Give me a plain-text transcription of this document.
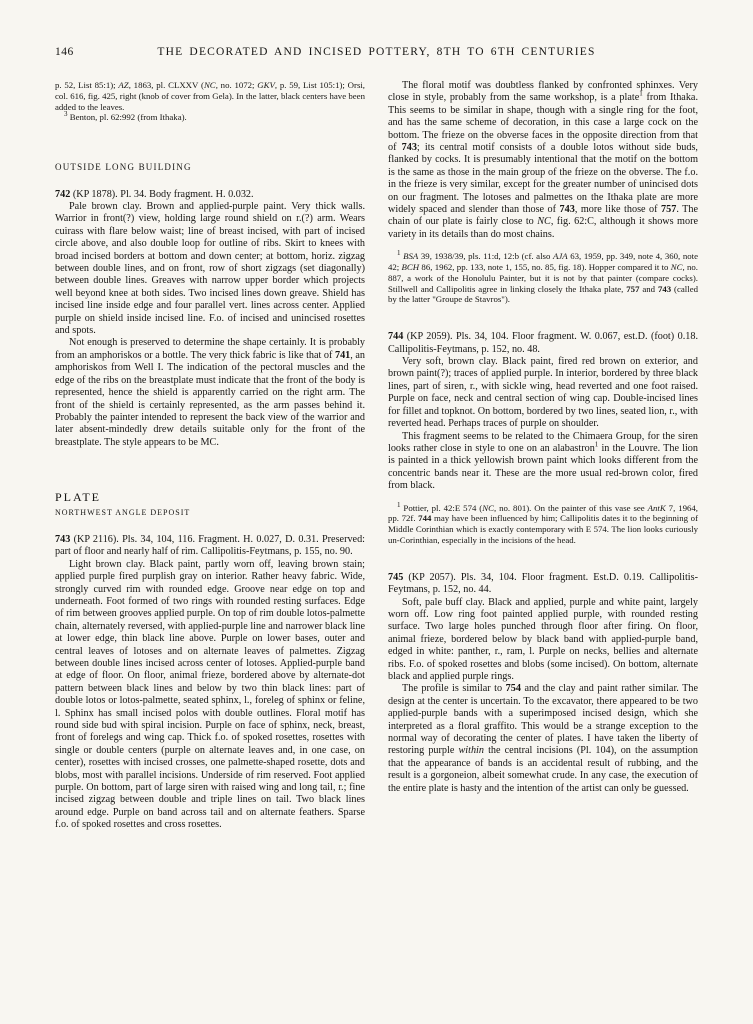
146	THE DECORATED AND INCISED POTTERY, 8TH TO 6TH CENTURIES
p. 52, List 85:1); AZ, 1863, pl. CLXXV (NC, no. 1072; GKV, p. 59, List 105:1); Orsi, col. 616, fig. 425, right (knob of cover from Gela). In the latter, black centers have been added to the leaves.
$^3$ Benton, pl. 62:992 (from Ithaka).
OUTSIDE LONG BUILDING
742 (KP 1878). Pl. 34. Body fragment. H. 0.032.
Pale brown clay. Brown and applied-purple paint. Very thick walls. Warrior in front(?) view, holding large round shield on r.(?) arm. Wears cuirass with flare below waist; line of breast incised, with part of incised circle above, and also double loop for outline of ribs. Skirt to knees with broad incised borders at bottom and down center; at bottom, horiz. zigzag between double lines, and on front, row of short zigzags (set diagonally) between double lines. Greaves with narrow upper border which projects well beyond knee at both sides. Two incised lines down greave. Shield has incised line inside edge and four parallel vert. lines across center. Applied purple on shield inside incised line. F.o. of incised and unincised rosettes and spots.
Not enough is preserved to determine the shape certainly. It is probably from an amphoriskos or a bottle. The very thick fabric is like that of 741, an amphoriskos from Well I. The indication of the pectoral muscles and the edge of the ribs on the breastplate must indicate that the front of the body is represented, hence the shield is apparently carried on the right arm. The front of the shield is certainly represented, as the arm passes behind it. Probably the painter intended to represent the back view of the warrior and later absent-mindedly drew details suitable only for the front of the breastplate. The style appears to be MC.
PLATE
NORTHWEST ANGLE DEPOSIT
743 (KP 2116). Pls. 34, 104, 116. Fragment. H. 0.027, D. 0.31. Preserved: part of floor and nearly half of rim. Callipolitis-Feytmans, p. 155, no. 90.
Light brown clay. Black paint, partly worn off, leaving brown stain; applied purple fired purplish gray on interior. Rather heavy fabric. Wide, strongly curved rim with rounded edge. Groove near edge on top and underneath. Foot formed of two rings with rounded resting surfaces. Edge of rim between grooves applied purple. On top of rim double lotos-palmette chain, alternately reversed, with applied-purple line and narrower black line at lower edge, thin black line above. Purple on lower bases, outer and central leaves of lotoses and on alternate leaves of palmettes. Zigzag between double lines incised across center of lotoses. Applied-purple band at edge of floor. On floor, animal frieze, bordered above by alternate-dot pattern between black lines and below by two thin black lines: part of double lotos or lotos-palmette, seated sphinx, l., foreleg of sphinx or feline, l. Sphinx has small incised polos with double outlines. Floral motif has round side bud with spiral incision. Purple on face of sphinx, neck, breast, front of forelegs and wing cap. Thick f.o. of spoked rosettes, rosettes with single or double centers (purple on alternate leaves and, in one case, on center), rosettes with incised crosses, one palmette-shaped rosette, dots and blobs, most with parallel incisions. Underside of rim reserved. Foot applied purple. On bottom, part of large siren with raised wing and long tail, r.; fine incised zigzag between double and triple lines on tail. Two black lines around edge. Purple on band across tail and on alternate feathers. Sparse f.o. of spoked rosettes and cross rosettes.
The floral motif was doubtless flanked by confronted sphinxes. Very close in style, probably from the same workshop, is a plate$^1$ from Ithaka. This seems to be similar in shape, though with a single ring for the foot, and has the same scheme of decoration, in this case a large cock on the bottom. The frieze on the obverse faces in the opposite direction from that of 743; its central motif consists of a double lotos without side buds, flanked by cocks. It is presumably intentional that the motif on the bottom is the same as those in the main group of the frieze on the obverse. The f.o. in the frieze is very similar, except for the greater number of unincised dots on our fragment. The lotoses and palmettes on the Ithaka plate are more widely spaced and slender than those of 743, more like those of 757. The chain of our plate is fairly close to NC, fig. 62:C, although it shows more variety in its details than do most chains.
$^1$ BSA 39, 1938/39, pls. 11:d, 12:b (cf. also AJA 63, 1959, pp. 349, note 4, 360, note 42; BCH 86, 1962, pp. 133, note 1, 155, no. 85, fig. 18). Hopper compared it to NC, no. 887, a work of the Honolulu Painter, but it is not by that painter (compare cocks). Stillwell and Callipolitis agree in linking closely the Ithaka plate, 757 and 743 (called by the latter "Groupe de Stavros").
744 (KP 2059). Pls. 34, 104. Floor fragment. W. 0.067, est.D. (foot) 0.18. Callipolitis-Feytmans, p. 152, no. 48.
Very soft, brown clay. Black paint, fired red brown on exterior, and brown paint(?); traces of applied purple. In interior, bordered by three black lines, part of siren, r., with sickle wing, head reverted and one foot raised. Purple on face, neck and central section of wing cap. Double-incised lines for fillet and topknot. On bottom, bordered by two lines, seated lion, r., with reverted head. Perhaps traces of purple on shoulder.
This fragment seems to be related to the Chimaera Group, for the siren looks rather close in style to one on an alabastron$^1$ in the Louvre. The lion is painted in a thick yellowish brown paint which looks different from the concentric bands near it. These are the more usual red-brown color, fired from black.
$^1$ Pottier, pl. 42:E 574 (NC, no. 801). On the painter of this vase see AntK 7, 1964, pp. 72f. 744 may have been influenced by him; Callipolitis dates it to the beginning of Middle Corinthian which is exactly contemporary with E 574. The lion looks curiously un-Corinthian, especially in the incisions of the head.
745 (KP 2057). Pls. 34, 104. Floor fragment. Est.D. 0.19. Callipolitis-Feytmans, p. 152, no. 44.
Soft, pale buff clay. Black and applied, purple and white paint, largely worn off. Low ring foot painted applied purple, with rounded resting surface. Two large holes punched through floor after firing. On floor, animal frieze, bordered below by black band with applied-purple band, edged in white: panther, r., ram, l. Purple on necks, bellies and alternate ribs. F.o. of spoked rosettes and blobs (some incised). On bottom, alternate black and applied purple rings.
The profile is similar to 754 and the clay and paint rather similar. The design at the center is uncertain. To the excavator, there appeared to be two applied-purple bands with a superimposed incised design, which she interpreted as a floral graffito. This would be a strange exception to the normal way of decorating the center of plates. I have taken the liberty of restoring purple within the central incisions (Pl. 104), on the assumption that the appearance of bands is an accidental result of rubbing, and the result is a gorgoneion, albeit somewhat crude. In any case, the execution of the entire plate is hasty and the intention of the artist can only be guessed.
